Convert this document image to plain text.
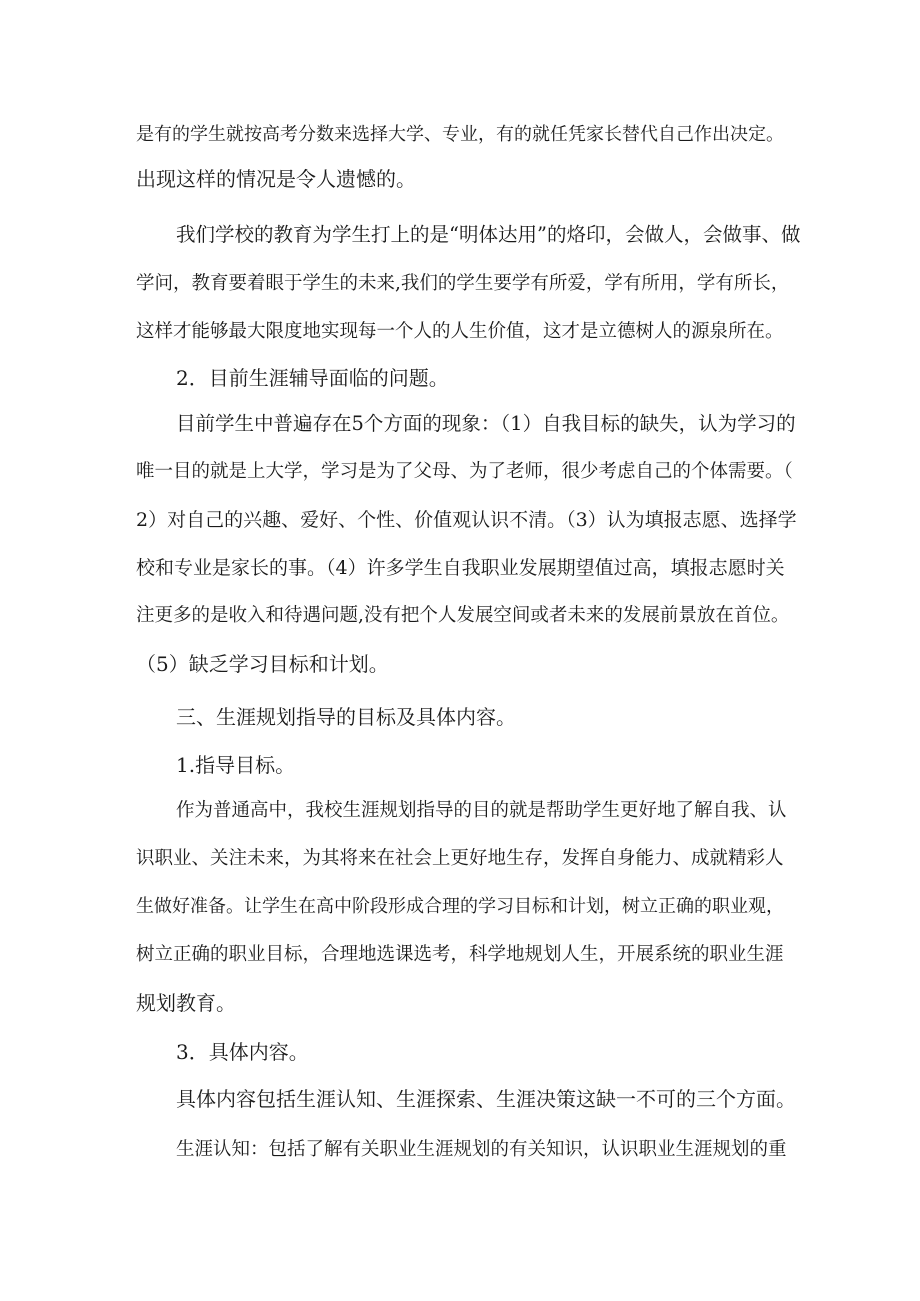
是有的学生就按高考分数来选择大学、专业，有的就任凭家长替代自己作出决定。
出现这样的情况是令人遗憾的。
我们学校的教育为学生打上的是“明体达用”的烙印，会做人，会做事、做
学问，教育要着眼于学生的未来,我们的学生要学有所爱，学有所用，学有所长，
这样才能够最大限度地实现每一个人的人生价值，这才是立德树人的源泉所在。
2．目前生涯辅导面临的问题。
目前学生中普遍存在5个方面的现象：（1）自我目标的缺失，认为学习的
唯一目的就是上大学，学习是为了父母、为了老师，很少考虑自己的个体需要。（
2）对自己的兴趣、爱好、个性、价值观认识不清。（3）认为填报志愿、选择学
校和专业是家长的事。（4）许多学生自我职业发展期望值过高，填报志愿时关
注更多的是收入和待遇问题,没有把个人发展空间或者未来的发展前景放在首位。
（5）缺乏学习目标和计划。
三、生涯规划指导的目标及具体内容。
1.指导目标。
作为普通高中，我校生涯规划指导的目的就是帮助学生更好地了解自我、认
识职业、关注未来，为其将来在社会上更好地生存，发挥自身能力、成就精彩人
生做好准备。让学生在高中阶段形成合理的学习目标和计划，树立正确的职业观，
树立正确的职业目标，合理地选课选考，科学地规划人生，开展系统的职业生涯
规划教育。
3．具体内容。
具体内容包括生涯认知、生涯探索、生涯决策这缺一不可的三个方面。
生涯认知：包括了解有关职业生涯规划的有关知识，认识职业生涯规划的重
